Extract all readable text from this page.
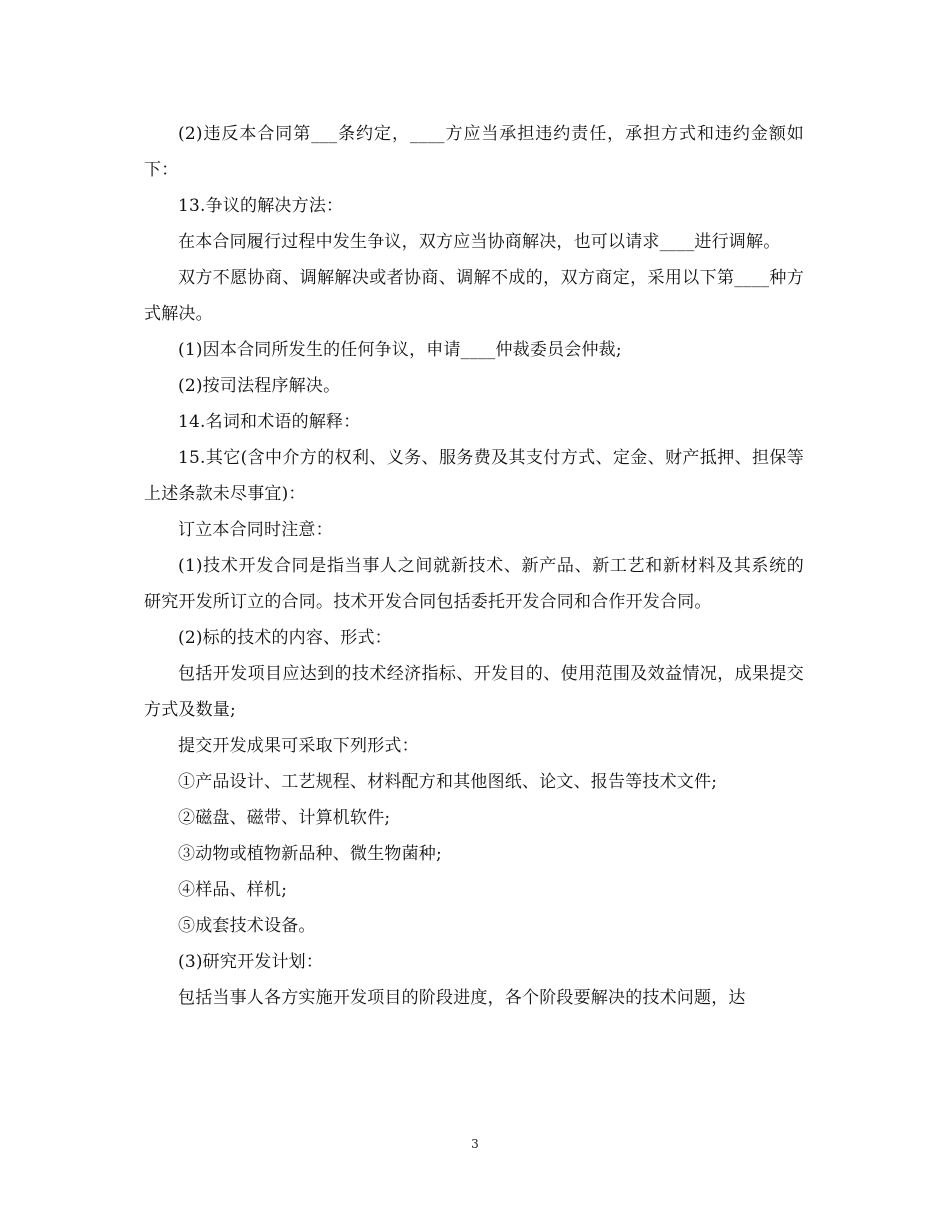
(2)违反本合同第___条约定，____方应当承担违约责任，承担方式和违约金额如下：

13.争议的解决方法：

在本合同履行过程中发生争议，双方应当协商解决，也可以请求____进行调解。

双方不愿协商、调解解决或者协商、调解不成的，双方商定，采用以下第____种方式解决。

(1)因本合同所发生的任何争议，申请____仲裁委员会仲裁;

(2)按司法程序解决。

14.名词和术语的解释：

15.其它(含中介方的权利、义务、服务费及其支付方式、定金、财产抵押、担保等上述条款未尽事宜)：

订立本合同时注意：

(1)技术开发合同是指当事人之间就新技术、新产品、新工艺和新材料及其系统的研究开发所订立的合同。技术开发合同包括委托开发合同和合作开发合同。

(2)标的技术的内容、形式：

包括开发项目应达到的技术经济指标、开发目的、使用范围及效益情况，成果提交方式及数量;

提交开发成果可采取下列形式：

①产品设计、工艺规程、材料配方和其他图纸、论文、报告等技术文件;

②磁盘、磁带、计算机软件;

③动物或植物新品种、微生物菌种;

④样品、样机;

⑤成套技术设备。

(3)研究开发计划：

包括当事人各方实施开发项目的阶段进度，各个阶段要解决的技术问题，达

3
